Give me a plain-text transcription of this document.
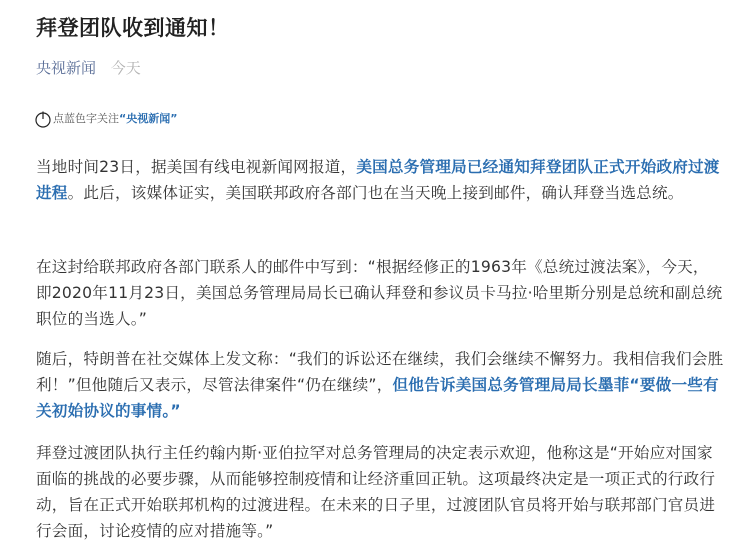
拜登团队收到通知！
央视新闻 今天
点蓝色字关注 “央视新闻”

当地时间23日，据美国有线电视新闻网报道，美国总务管理局已经通知拜登团队正式开始政府过渡进程。此后，该媒体证实，美国联邦政府各部门也在当天晚上接到邮件，确认拜登当选总统。

在这封给联邦政府各部门联系人的邮件中写到：“根据经修正的1963年《总统过渡法案》，今天，即2020年11月23日，美国总务管理局局长已确认拜登和参议员卡马拉·哈里斯分别是总统和副总统职位的当选人。”

随后，特朗普在社交媒体上发文称：“我们的诉讼还在继续，我们会继续不懈努力。我相信我们会胜利！”但他随后又表示，尽管法律案件“仍在继续”，但他告诉美国总务管理局局长墨菲“要做一些有关初始协议的事情。”

拜登过渡团队执行主任约翰内斯·亚伯拉罕对总务管理局的决定表示欢迎，他称这是“开始应对国家面临的挑战的必要步骤，从而能够控制疫情和让经济重回正轨。这项最终决定是一项正式的行政行动，旨在正式开始联邦机构的过渡进程。在未来的日子里，过渡团队官员将开始与联邦部门官员进行会面，讨论疫情的应对措施等。”
